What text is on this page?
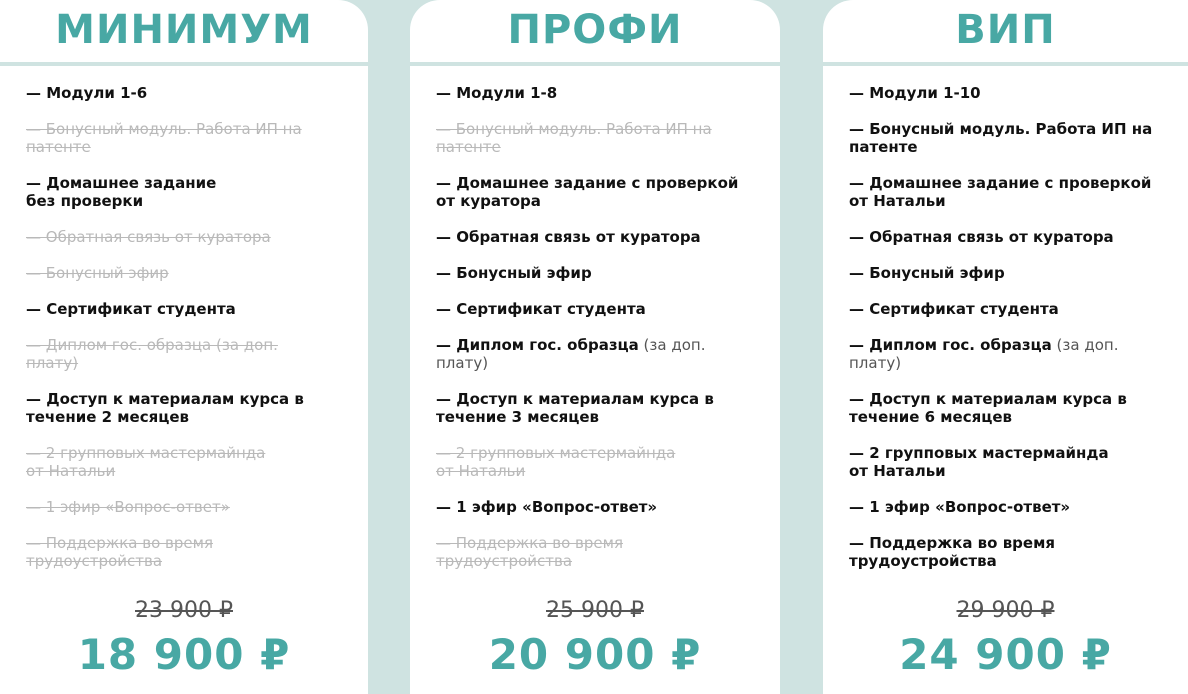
МИНИМУМ
— Модули 1-6
— Бонусный модуль. Работа ИП на
патенте
— Домашнее задание
без проверки
— Обратная связь от куратора
— Бонусный эфир
— Сертификат студента
— Диплом гос. образца (за доп.
плату)
— Доступ к материалам курса в
течение 2 месяцев
— 2 групповых мастермайнда
от Натальи
— 1 эфир «Вопрос-ответ»
— Поддержка во время
трудоустройства
23 900 ₽
18 900 ₽
ПРОФИ
— Модули 1-8
— Бонусный модуль. Работа ИП на
патенте
— Домашнее задание с проверкой
от куратора
— Обратная связь от куратора
— Бонусный эфир
— Сертификат студента
— Диплом гос. образца (за доп.
плату)
— Доступ к материалам курса в
течение 3 месяцев
— 2 групповых мастермайнда
от Натальи
— 1 эфир «Вопрос-ответ»
— Поддержка во время
трудоустройства
25 900 ₽
20 900 ₽
ВИП
— Модули 1-10
— Бонусный модуль. Работа ИП на
патенте
— Домашнее задание с проверкой
от Натальи
— Обратная связь от куратора
— Бонусный эфир
— Сертификат студента
— Диплом гос. образца (за доп.
плату)
— Доступ к материалам курса в
течение 6 месяцев
— 2 групповых мастермайнда
от Натальи
— 1 эфир «Вопрос-ответ»
— Поддержка во время
трудоустройства
29 900 ₽
24 900 ₽
